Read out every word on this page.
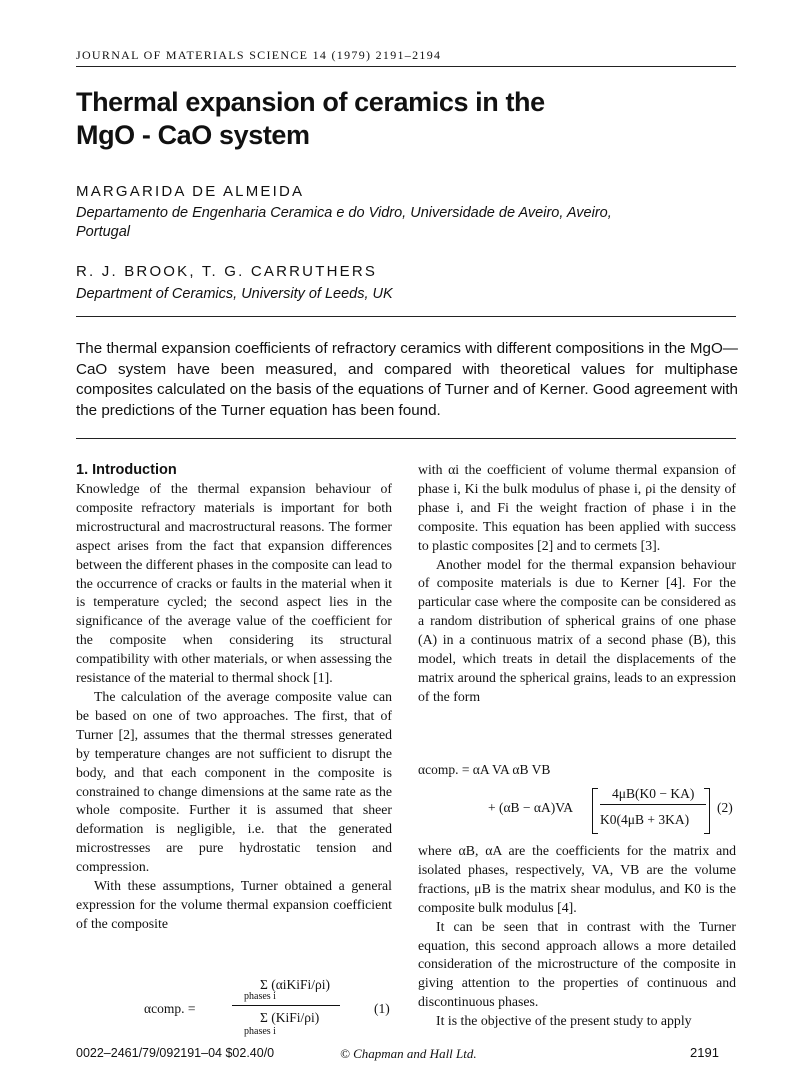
JOURNAL OF MATERIALS SCIENCE 14 (1979) 2191–2194
Thermal expansion of ceramics in the
MgO - CaO system
MARGARIDA DE ALMEIDA
Departamento de Engenharia Ceramica e do Vidro, Universidade de Aveiro, Aveiro,
Portugal
R. J. BROOK, T. G. CARRUTHERS
Department of Ceramics, University of Leeds, UK
The thermal expansion coefficients of refractory ceramics with different compositions in the MgO—CaO system have been measured, and compared with theoretical values for multiphase composites calculated on the basis of the equations of Turner and of Kerner. Good agreement with the predictions of the Turner equation has been found.

1. Introduction

Knowledge of the thermal expansion behaviour of composite refractory materials is important for both microstructural and macrostructural reasons. The former aspect arises from the fact that expansion differences between the different phases in the composite can lead to the occurrence of cracks or faults in the material when it is temperature cycled; the second aspect lies in the significance of the average value of the coefficient for the composite when considering its structural compatibility with other materials, or when assessing the resistance of the material to thermal shock [1].

The calculation of the average composite value can be based on one of two approaches. The first, that of Turner [2], assumes that the thermal stresses generated by temperature changes are not sufficient to disrupt the body, and that each component in the composite is constrained to change dimensions at the same rate as the whole composite. Further it is assumed that sheer deformation is negligible, i.e. that the generated microstresses are pure hydrostatic tension and compression.

With these assumptions, Turner obtained a general expression for the volume thermal expansion coefficient of the composite

αcomp. =
Σ (αiKiFi/ρi)
phases i
Σ (KiFi/ρi)
phases i
(1)

with αi the coefficient of volume thermal expansion of phase i, Ki the bulk modulus of phase i, ρi the density of phase i, and Fi the weight fraction of phase i in the composite. This equation has been applied with success to plastic composites [2] and to cermets [3].

Another model for the thermal expansion behaviour of composite materials is due to Kerner [4]. For the particular case where the composite can be considered as a random distribution of spherical grains of one phase (A) in a continuous matrix of a second phase (B), this model, which treats in detail the displacements of the matrix around the spherical grains, leads to an expression of the form

αcomp. = αA VA αB VB
+ (αB − αA)VA
4μB(K0 − KA)
K0(4μB + 3KA)
(2)

where αB, αA are the coefficients for the matrix and isolated phases, respectively, VA, VB are the volume fractions, μB is the matrix shear modulus, and K0 is the composite bulk modulus [4].

It can be seen that in contrast with the Turner equation, this second approach allows a more detailed consideration of the microstructure of the composite in giving attention to the properties of continuous and discontinuous phases.

It is the objective of the present study to apply

0022–2461/79/092191–04 $02.40/0	© Chapman and Hall Ltd.	2191
